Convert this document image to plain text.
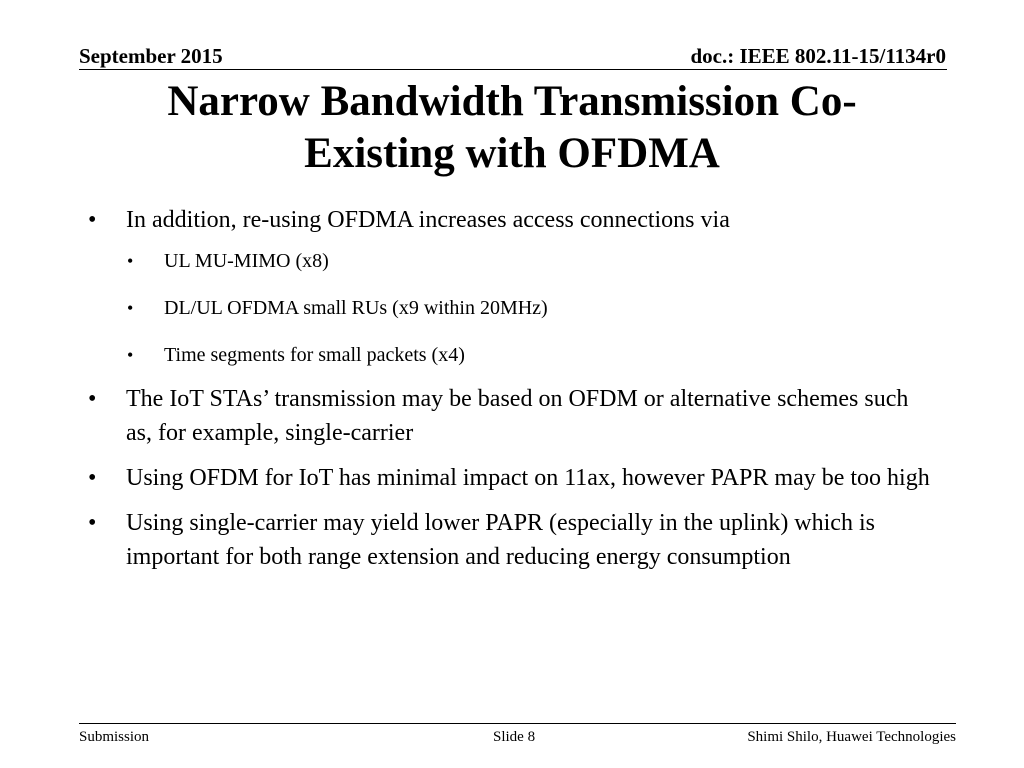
September 2015	doc.: IEEE 802.11-15/1134r0
Narrow Bandwidth Transmission Co-Existing with OFDMA
• In addition, re-using OFDMA increases access connections via
• UL MU-MIMO (x8)
• DL/UL OFDMA small RUs (x9 within 20MHz)
• Time segments for small packets (x4)
• The IoT STAs’ transmission may be based on OFDM or alternative schemes such as, for example, single-carrier
• Using OFDM for IoT has minimal impact on 11ax, however PAPR may be too high
• Using single-carrier may yield lower PAPR (especially in the uplink) which is important for both range extension and reducing energy consumption
Submission	Slide 8	Shimi Shilo, Huawei Technologies
